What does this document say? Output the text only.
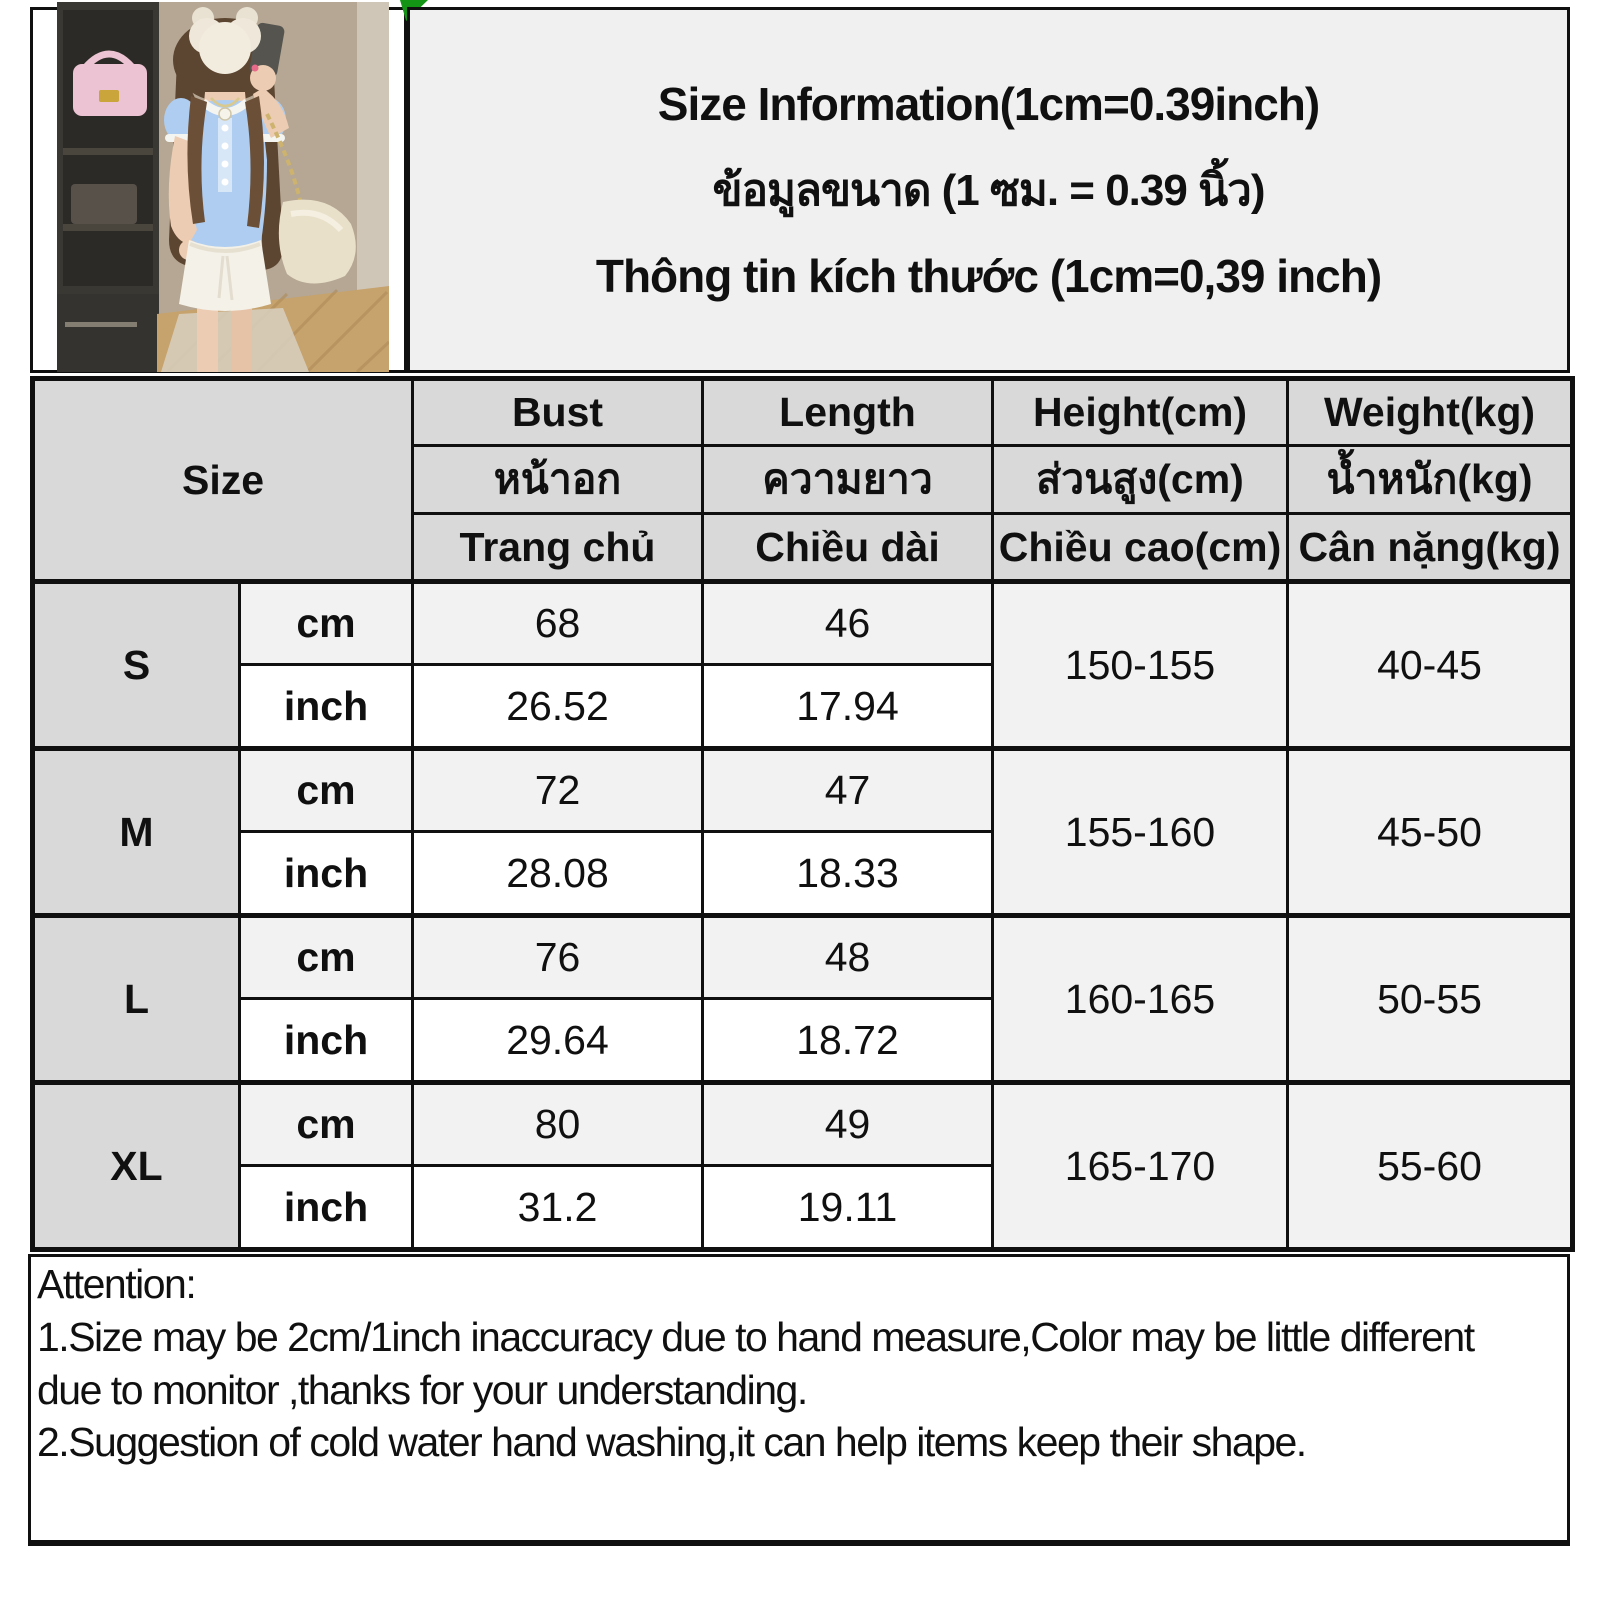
Size Information(1cm=0.39inch)
ข้อมูลขนาด (1 ซม. = 0.39 นิ้ว)
Thông tin kích thước (1cm=0,39 inch)
Size		Bust	Length	Height(cm)	Weight(kg)
		หน้าอก	ความยาว	ส่วนสูง(cm)	น้ำหนัก(kg)
		Trang chủ	Chiều dài	Chiều cao(cm)	Cân nặng(kg)
S	cm	68	46	150-155	40-45
	inch	26.52	17.94		
M	cm	72	47	155-160	45-50
	inch	28.08	18.33		
L	cm	76	48	160-165	50-55
	inch	29.64	18.72		
XL	cm	80	49	165-170	55-60
	inch	31.2	19.11		
Attention:
1.Size may be 2cm/1inch inaccuracy due to hand measure,Color may be little different
due to monitor ,thanks for your understanding.
2.Suggestion of cold water hand washing,it can help items keep their shape.
